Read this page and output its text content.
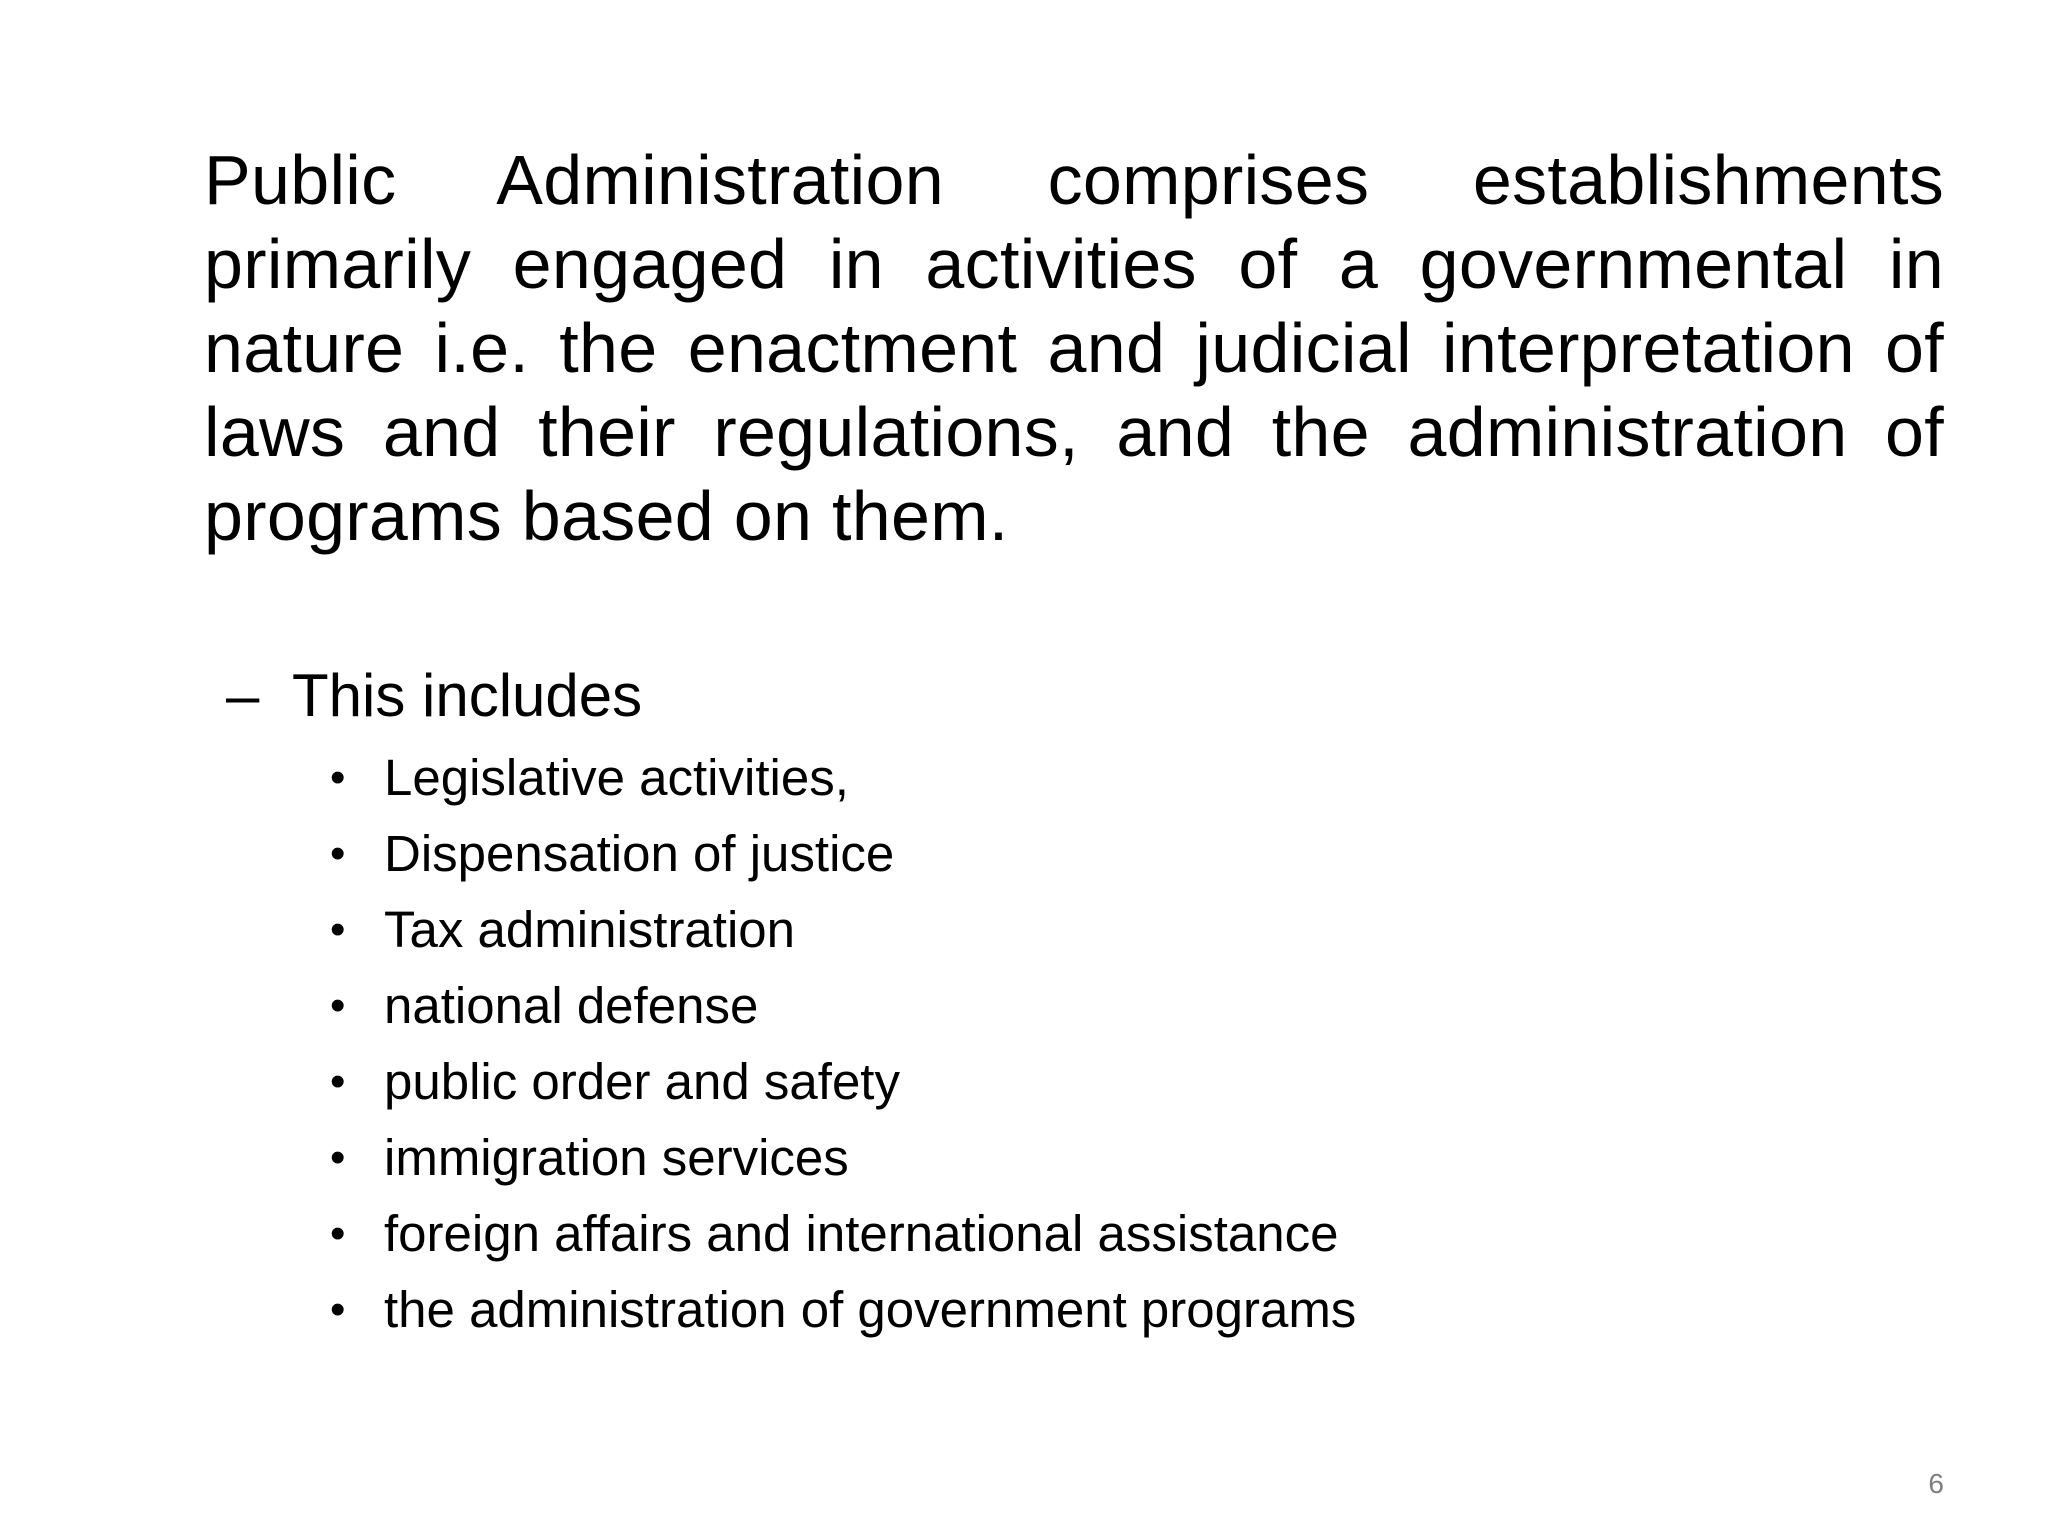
Public Administration comprises establishments primarily engaged in activities of a governmental in nature i.e. the enactment and judicial interpretation of laws and their regulations, and the administration of programs based on them.

– This includes

• Legislative activities,
• Dispensation of justice
• Tax administration
• national defense
• public order and safety
• immigration services
• foreign affairs and international assistance
• the administration of government programs
6
